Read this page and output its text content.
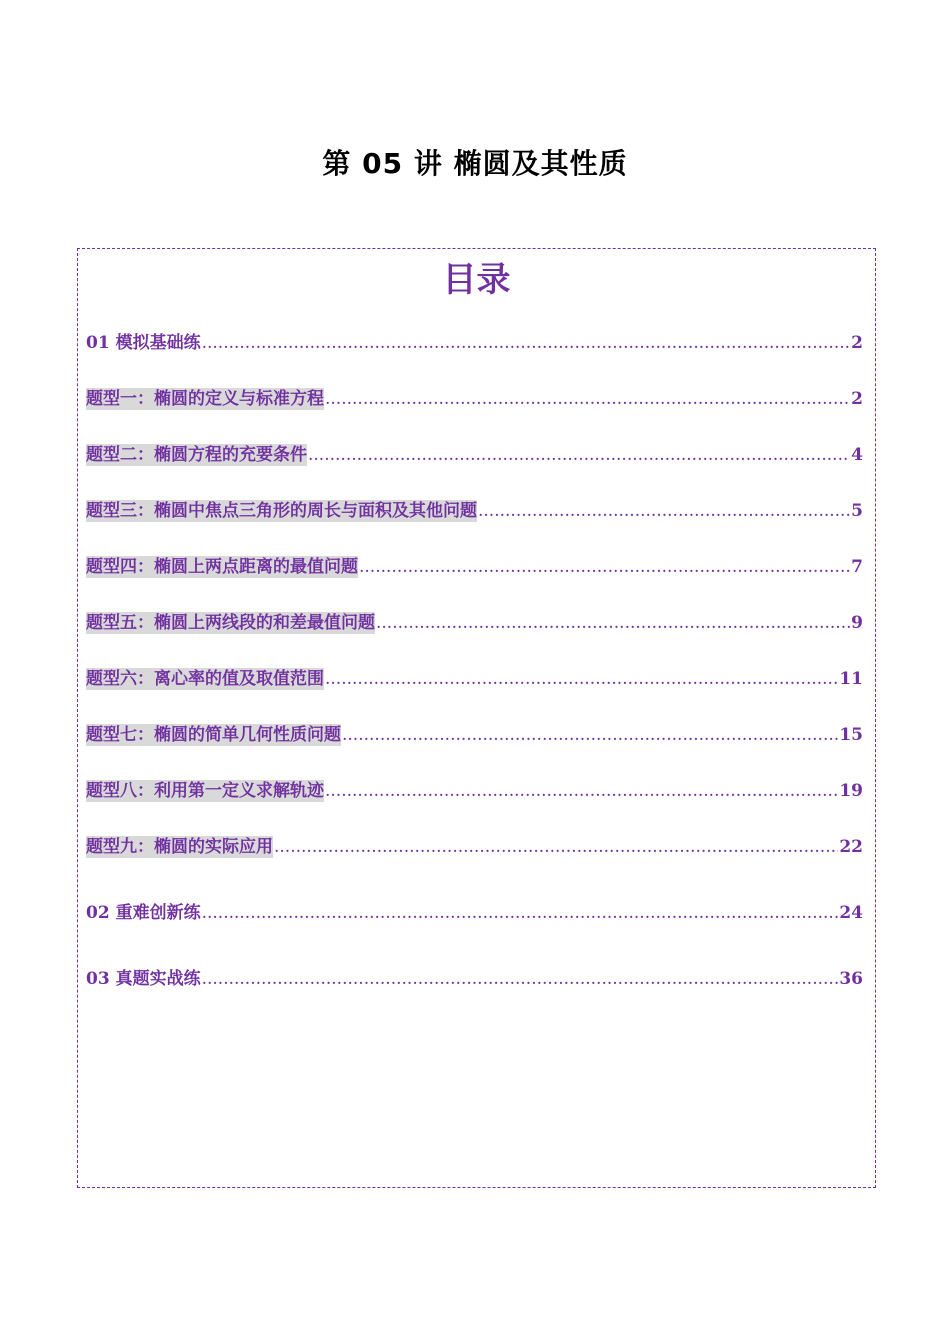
第 05 讲 椭圆及其性质
目录
01 模拟基础练 .....	2
题型一：椭圆的定义与标准方程 .....	2
题型二：椭圆方程的充要条件 .....	4
题型三：椭圆中焦点三角形的周长与面积及其他问题 .....	5
题型四：椭圆上两点距离的最值问题 .....	7
题型五：椭圆上两线段的和差最值问题 .....	9
题型六：离心率的值及取值范围 .....	11
题型七：椭圆的简单几何性质问题 .....	15
题型八：利用第一定义求解轨迹 .....	19
题型九：椭圆的实际应用 .....	22
02 重难创新练 .....	24
03 真题实战练 .....	36
